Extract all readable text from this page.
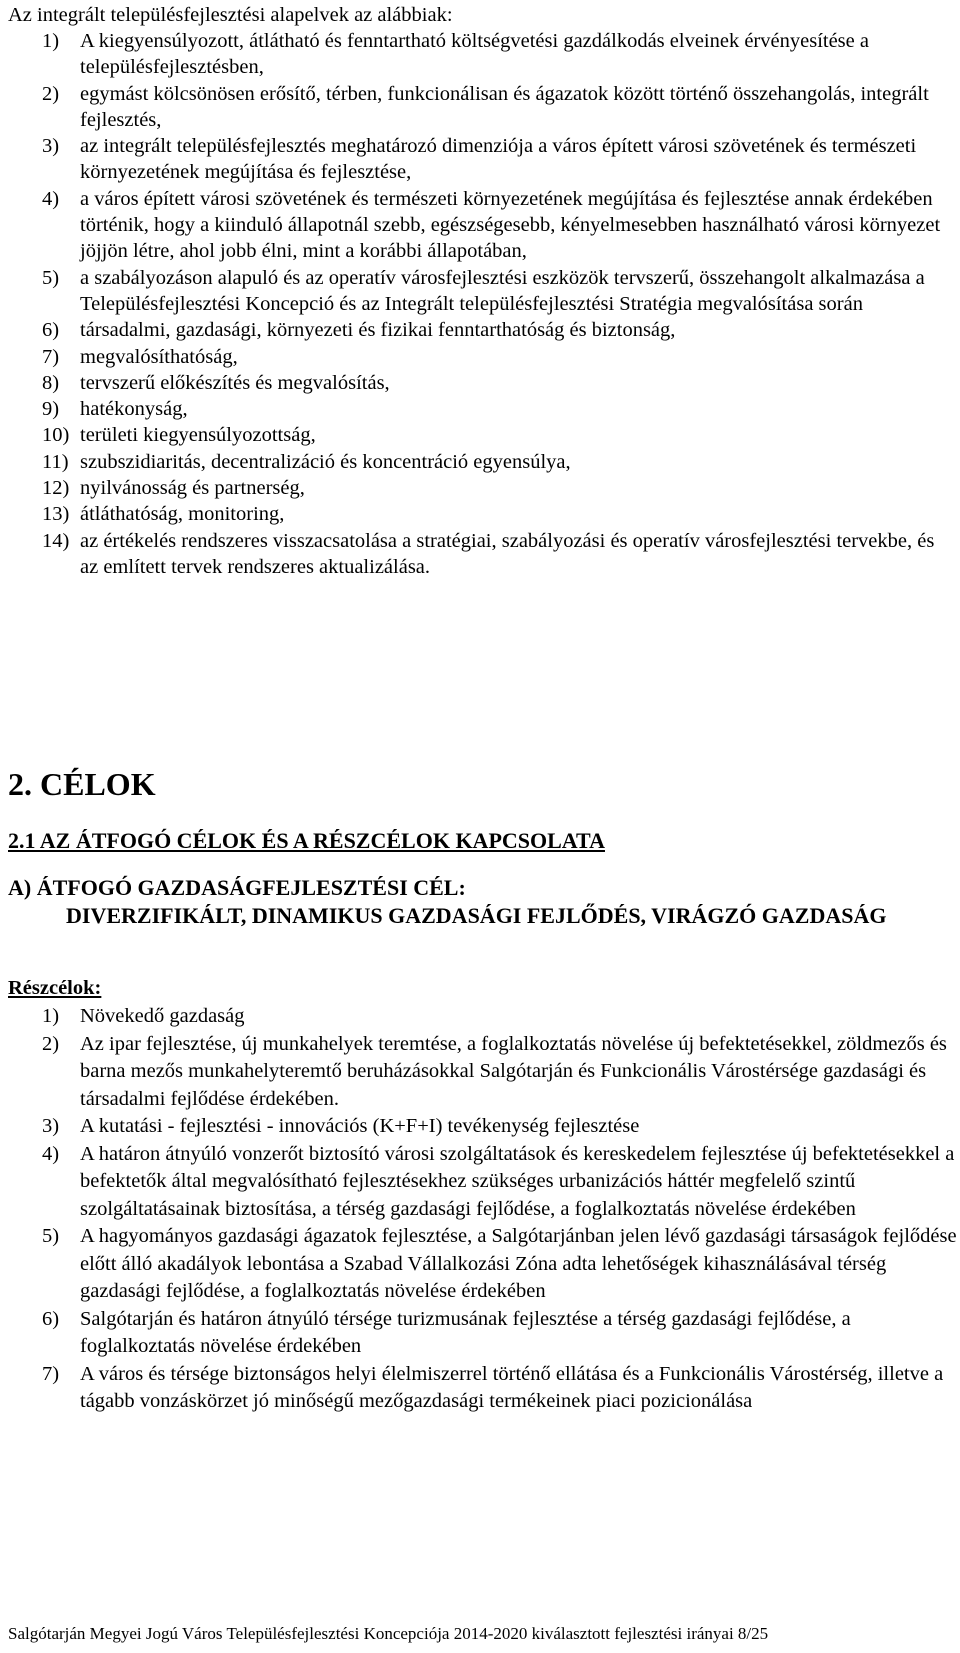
Az integrált településfejlesztési alapelvek az alábbiak:
1) A kiegyensúlyozott, átlátható és fenntartható költségvetési gazdálkodás elveinek érvényesítése a településfejlesztésben,
2) egymást kölcsönösen erősítő, térben, funkcionálisan és ágazatok között történő összehangolás, integrált fejlesztés,
3) az integrált településfejlesztés meghatározó dimenziója a város épített városi szövetének és természeti környezetének megújítása és fejlesztése,
4) a város épített városi szövetének és természeti környezetének megújítása és fejlesztése annak érdekében történik, hogy a kiinduló állapotnál szebb, egészségesebb, kényelmesebben használható városi környezet jöjjön létre, ahol jobb élni, mint a korábbi állapotában,
5) a szabályozáson alapuló és az operatív városfejlesztési eszközök tervszerű, összehangolt alkalmazása a Településfejlesztési Koncepció és az Integrált településfejlesztési Stratégia megvalósítása során
6) társadalmi, gazdasági, környezeti és fizikai fenntarthatóság és biztonság,
7) megvalósíthatóság,
8) tervszerű előkészítés és megvalósítás,
9) hatékonyság,
10) területi kiegyensúlyozottság,
11) szubszidiaritás, decentralizáció és koncentráció egyensúlya,
12) nyilvánosság és partnerség,
13) átláthatóság, monitoring,
14) az értékelés rendszeres visszacsatolása a stratégiai, szabályozási és operatív városfejlesztési tervekbe, és az említett tervek rendszeres aktualizálása.
2. CÉLOK
2.1 AZ ÁTFOGÓ CÉLOK ÉS A RÉSZCÉLOK KAPCSOLATA
A) ÁTFOGÓ GAZDASÁGFEJLESZTÉSI CÉL:
DIVERZIFIKÁLT, DINAMIKUS GAZDASÁGI FEJLŐDÉS, VIRÁGZÓ GAZDASÁG
Részcélok:
1) Növekedő gazdaság
2) Az ipar fejlesztése, új munkahelyek teremtése, a foglalkoztatás növelése új befektetésekkel, zöldmezős és barna mezős munkahelyteremtő beruházásokkal Salgótarján és Funkcionális Várostérsége gazdasági és társadalmi fejlődése érdekében.
3) A kutatási - fejlesztési - innovációs (K+F+I) tevékenység fejlesztése
4) A határon átnyúló vonzerőt biztosító városi szolgáltatások és kereskedelem fejlesztése új befektetésekkel a befektetők által megvalósítható fejlesztésekhez szükséges urbanizációs háttér megfelelő szintű szolgáltatásainak biztosítása, a térség gazdasági fejlődése, a foglalkoztatás növelése érdekében
5) A hagyományos gazdasági ágazatok fejlesztése, a Salgótarjánban jelen lévő gazdasági társaságok fejlődése előtt álló akadályok lebontása a Szabad Vállalkozási Zóna adta lehetőségek kihasználásával térség gazdasági fejlődése, a foglalkoztatás növelése érdekében
6) Salgótarján és határon átnyúló térsége turizmusának fejlesztése a térség gazdasági fejlődése, a foglalkoztatás növelése érdekében
7) A város és térsége biztonságos helyi élelmiszerrel történő ellátása és a Funkcionális Várostérség, illetve a tágabb vonzáskörzet jó minőségű mezőgazdasági termékeinek piaci pozicionálása
Salgótarján Megyei Jogú Város Településfejlesztési Koncepciója 2014-2020 kiválasztott fejlesztési irányai 8/25
